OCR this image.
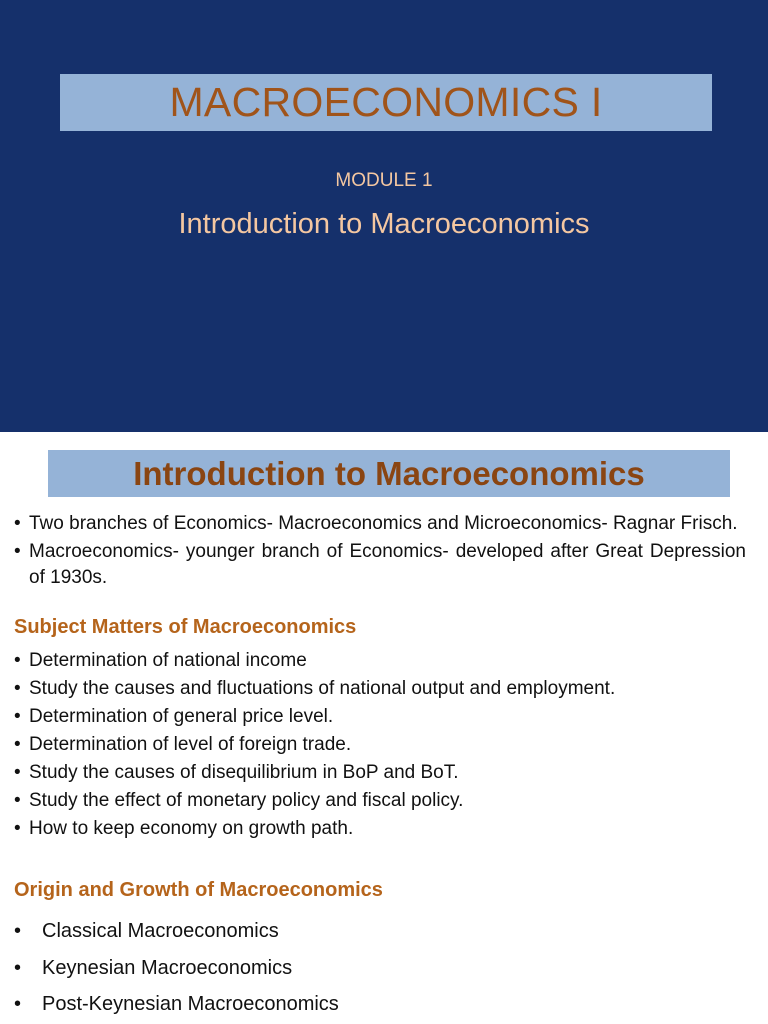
MACROECONOMICS I
MODULE 1
Introduction to Macroeconomics
Introduction to Macroeconomics
• Two branches of Economics- Macroeconomics and Microeconomics- Ragnar Frisch.
• Macroeconomics- younger branch of Economics- developed after Great Depression of 1930s.
Subject Matters of Macroeconomics
• Determination of national income
• Study the causes and fluctuations of national output and employment.
• Determination of general price level.
• Determination of level of foreign trade.
• Study the causes of disequilibrium in BoP and BoT.
• Study the effect of monetary policy and fiscal policy.
• How to keep economy on growth path.
Origin and Growth of Macroeconomics
• Classical Macroeconomics
• Keynesian Macroeconomics
• Post-Keynesian Macroeconomics
